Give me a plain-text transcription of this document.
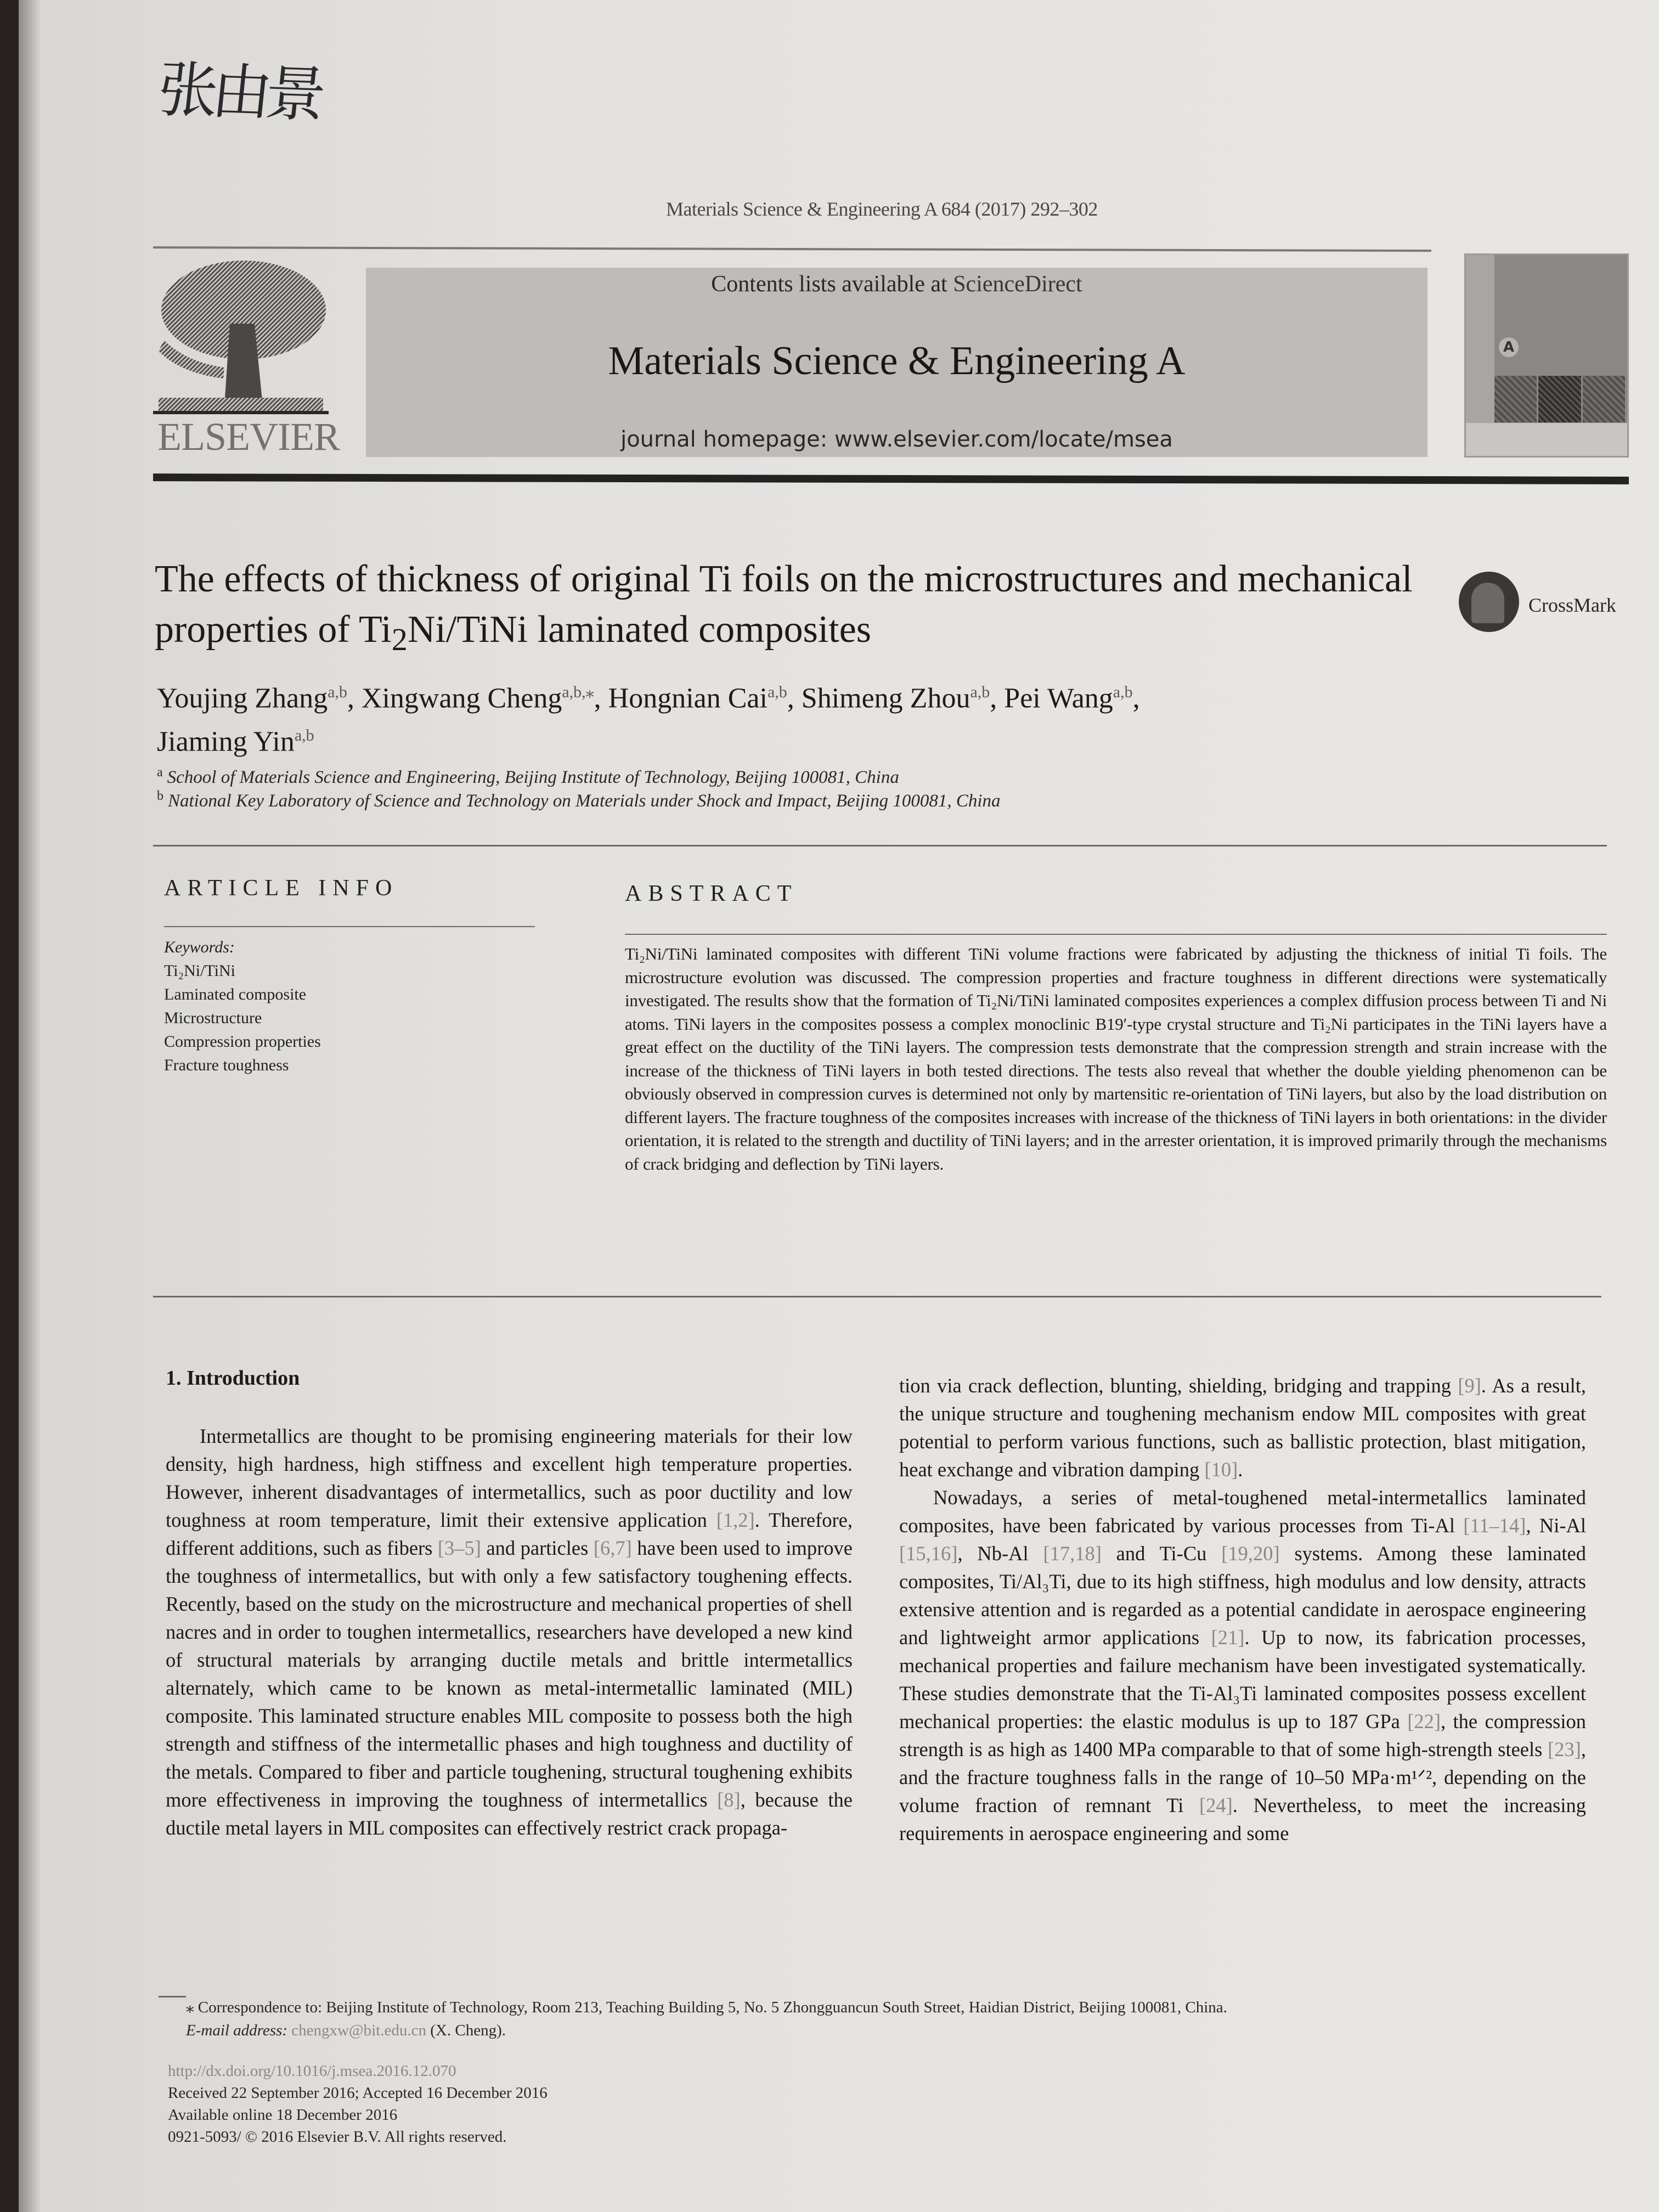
张由景
Materials Science & Engineering A 684 (2017) 292–302
ELSEVIER
Contents lists available at ScienceDirect
Materials Science & Engineering A
journal homepage: www.elsevier.com/locate/msea
A
The effects of thickness of original Ti foils on the microstructures and mechanical properties of $Ti_2Ni$/TiNi laminated composites
CrossMark
Youjing Zhang$^{a,b}$, Xingwang Cheng$^{a,b,⁎}$, Hongnian Cai$^{a,b}$, Shimeng Zhou$^{a,b}$, Pei Wang$^{a,b}$,
Jiaming Yin$^{a,b}$
$^a$ School of Materials Science and Engineering, Beijing Institute of Technology, Beijing 100081, China
$^b$ National Key Laboratory of Science and Technology on Materials under Shock and Impact, Beijing 100081, China
ARTICLE INFO
Keywords:
Ti₂Ni/TiNi
Laminated composite
Microstructure
Compression properties
Fracture toughness
ABSTRACT
Ti₂Ni/TiNi laminated composites with different TiNi volume fractions were fabricated by adjusting the thickness of initial Ti foils. The microstructure evolution was discussed. The compression properties and fracture toughness in different directions were systematically investigated. The results show that the formation of Ti₂Ni/TiNi laminated composites experiences a complex diffusion process between Ti and Ni atoms. TiNi layers in the composites possess a complex monoclinic B19′-type crystal structure and Ti₂Ni participates in the TiNi layers have a great effect on the ductility of the TiNi layers. The compression tests demonstrate that the compression strength and strain increase with the increase of the thickness of TiNi layers in both tested directions. The tests also reveal that whether the double yielding phenomenon can be obviously observed in compression curves is determined not only by martensitic re-orientation of TiNi layers, but also by the load distribution on different layers. The fracture toughness of the composites increases with increase of the thickness of TiNi layers in both orientations: in the divider orientation, it is related to the strength and ductility of TiNi layers; and in the arrester orientation, it is improved primarily through the mechanisms of crack bridging and deflection by TiNi layers.
1. Introduction

Intermetallics are thought to be promising engineering materials for their low density, high hardness, high stiffness and excellent high temperature properties. However, inherent disadvantages of intermetallics, such as poor ductility and low toughness at room temperature, limit their extensive application [1,2]. Therefore, different additions, such as fibers [3–5] and particles [6,7] have been used to improve the toughness of intermetallics, but with only a few satisfactory toughening effects. Recently, based on the study on the microstructure and mechanical properties of shell nacres and in order to toughen intermetallics, researchers have developed a new kind of structural materials by arranging ductile metals and brittle intermetallics alternately, which came to be known as metal-intermetallic laminated (MIL) composite. This laminated structure enables MIL composite to possess both the high strength and stiffness of the intermetallic phases and high toughness and ductility of the metals. Compared to fiber and particle toughening, structural toughening exhibits more effectiveness in improving the toughness of intermetallics [8], because the ductile metal layers in MIL composites can effectively restrict crack propaga-

tion via crack deflection, blunting, shielding, bridging and trapping [9]. As a result, the unique structure and toughening mechanism endow MIL composites with great potential to perform various functions, such as ballistic protection, blast mitigation, heat exchange and vibration damping [10].

Nowadays, a series of metal-toughened metal-intermetallics laminated composites, have been fabricated by various processes from Ti-Al [11–14], Ni-Al [15,16], Nb-Al [17,18] and Ti-Cu [19,20] systems. Among these laminated composites, Ti/Al₃Ti, due to its high stiffness, high modulus and low density, attracts extensive attention and is regarded as a potential candidate in aerospace engineering and lightweight armor applications [21]. Up to now, its fabrication processes, mechanical properties and failure mechanism have been investigated systematically. These studies demonstrate that the Ti-Al₃Ti laminated composites possess excellent mechanical properties: the elastic modulus is up to 187 GPa [22], the compression strength is as high as 1400 MPa comparable to that of some high-strength steels [23], and the fracture toughness falls in the range of 10–50 MPa·m¹ᐟ², depending on the volume fraction of remnant Ti [24]. Nevertheless, to meet the increasing requirements in aerospace engineering and some

⁎ Correspondence to: Beijing Institute of Technology, Room 213, Teaching Building 5, No. 5 Zhongguancun South Street, Haidian District, Beijing 100081, China.
E-mail address: chengxw@bit.edu.cn (X. Cheng).
http://dx.doi.org/10.1016/j.msea.2016.12.070
Received 22 September 2016; Accepted 16 December 2016
Available online 18 December 2016
0921-5093/ © 2016 Elsevier B.V. All rights reserved.
